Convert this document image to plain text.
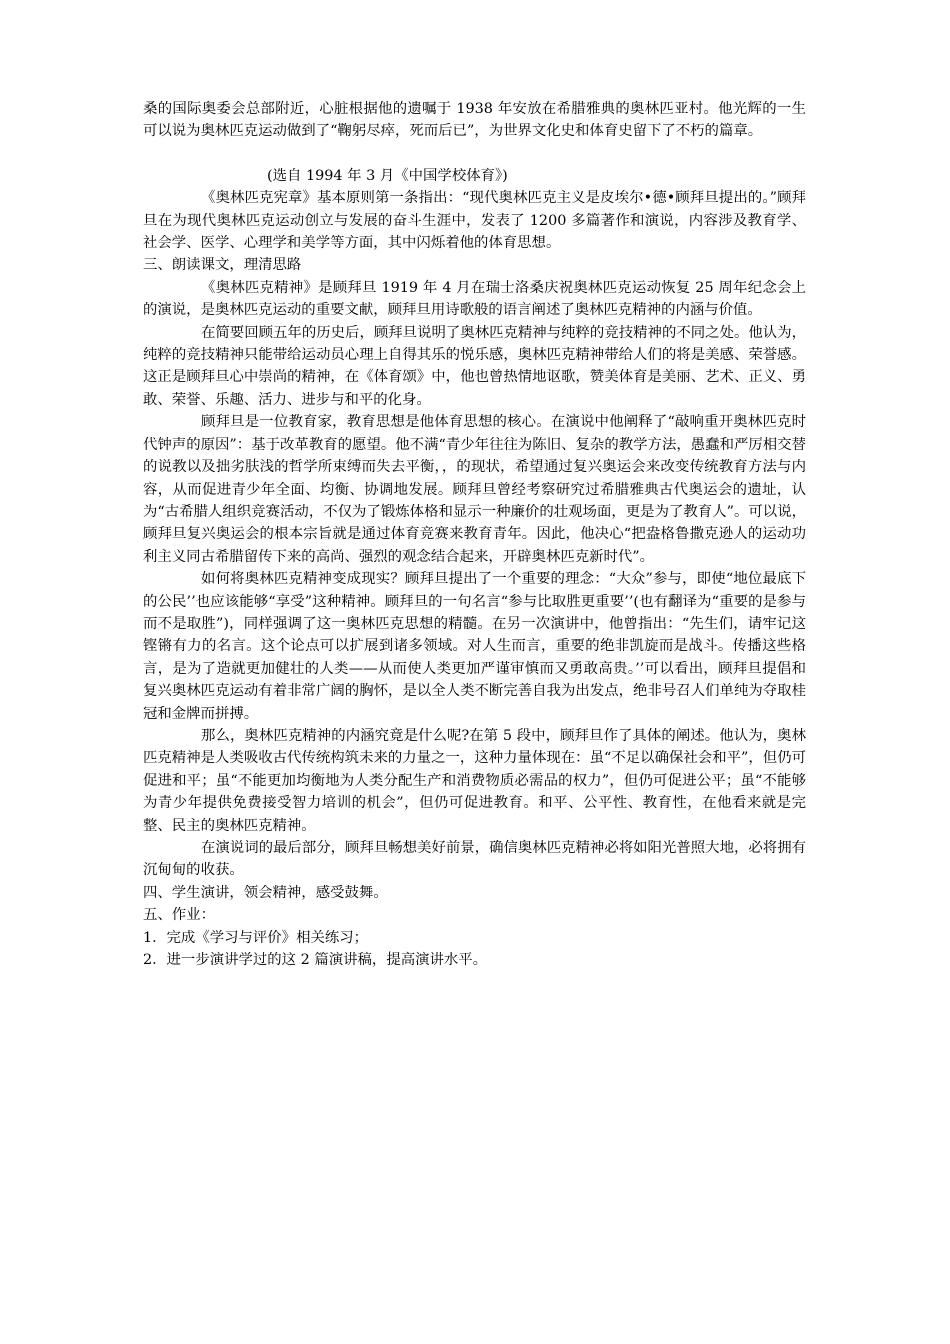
桑的国际奥委会总部附近，心脏根据他的遗嘱于 1938 年安放在希腊雅典的奥林匹亚村。他光辉的一生可以说为奥林匹克运动做到了“鞠躬尽瘁，死而后已”，为世界文化史和体育史留下了不朽的篇章。

(选自 1994 年 3 月《中国学校体育》)

《奥林匹克宪章》基本原则第一条指出：“现代奥林匹克主义是皮埃尔•德•顾拜旦提出的。”顾拜旦在为现代奥林匹克运动创立与发展的奋斗生涯中，发表了 1200 多篇著作和演说，内容涉及教育学、社会学、医学、心理学和美学等方面，其中闪烁着他的体育思想。

三、朗读课文，理清思路

《奥林匹克精神》是顾拜旦 1919 年 4 月在瑞士洛桑庆祝奥林匹克运动恢复 25 周年纪念会上的演说，是奥林匹克运动的重要文献，顾拜旦用诗歌般的语言阐述了奥林匹克精神的内涵与价值。

在简要回顾五年的历史后，顾拜旦说明了奥林匹克精神与纯粹的竞技精神的不同之处。他认为，纯粹的竞技精神只能带给运动员心理上自得其乐的悦乐感，奥林匹克精神带给人们的将是美感、荣誉感。这正是顾拜旦心中崇尚的精神，在《体育颂》中，他也曾热情地讴歌，赞美体育是美丽、艺术、正义、勇敢、荣誉、乐趣、活力、进步与和平的化身。

顾拜旦是一位教育家，教育思想是他体育思想的核心。在演说中他阐释了“敲响重开奥林匹克时代钟声的原因”：基于改革教育的愿望。他不满“青少年往往为陈旧、复杂的教学方法，愚蠢和严厉相交替的说教以及拙劣肤浅的哲学所束缚而失去平衡，，的现状，希望通过复兴奥运会来改变传统教育方法与内容，从而促进青少年全面、均衡、协调地发展。顾拜旦曾经考察研究过希腊雅典古代奥运会的遗址，认为“古希腊人组织竞赛活动，不仅为了锻炼体格和显示一种廉价的壮观场面，更是为了教育人”。可以说，顾拜旦复兴奥运会的根本宗旨就是通过体育竞赛来教育青年。因此，他决心“把盎格鲁撒克逊人的运动功利主义同古希腊留传下来的高尚、强烈的观念结合起来，开辟奥林匹克新时代”。

如何将奥林匹克精神变成现实？顾拜旦提出了一个重要的理念：“大众”参与，即使“地位最底下的公民’’也应该能够“享受”这种精神。顾拜旦的一句名言“参与比取胜更重要’’(也有翻译为“重要的是参与而不是取胜”)，同样强调了这一奥林匹克思想的精髓。在另一次演讲中，他曾指出：“先生们，请牢记这铿锵有力的名言。这个论点可以扩展到诸多领域。对人生而言，重要的绝非凯旋而是战斗。传播这些格言，是为了造就更加健壮的人类——从而使人类更加严谨审慎而又勇敢高贵。’’可以看出，顾拜旦提倡和复兴奥林匹克运动有着非常广阔的胸怀，是以全人类不断完善自我为出发点，绝非号召人们单纯为夺取桂冠和金牌而拼搏。

那么，奥林匹克精神的内涵究竟是什么呢?在第 5 段中，顾拜旦作了具体的阐述。他认为，奥林匹克精神是人类吸收古代传统构筑未来的力量之一，这种力量体现在：虽“不足以确保社会和平”，但仍可促进和平；虽“不能更加均衡地为人类分配生产和消费物质必需品的权力”，但仍可促进公平；虽“不能够为青少年提供免费接受智力培训的机会”，但仍可促进教育。和平、公平性、教育性，在他看来就是完整、民主的奥林匹克精神。

在演说词的最后部分，顾拜旦畅想美好前景，确信奥林匹克精神必将如阳光普照大地，必将拥有沉甸甸的收获。

四、学生演讲，领会精神，感受鼓舞。

五、作业：

1．完成《学习与评价》相关练习；

2．进一步演讲学过的这 2 篇演讲稿，提高演讲水平。
